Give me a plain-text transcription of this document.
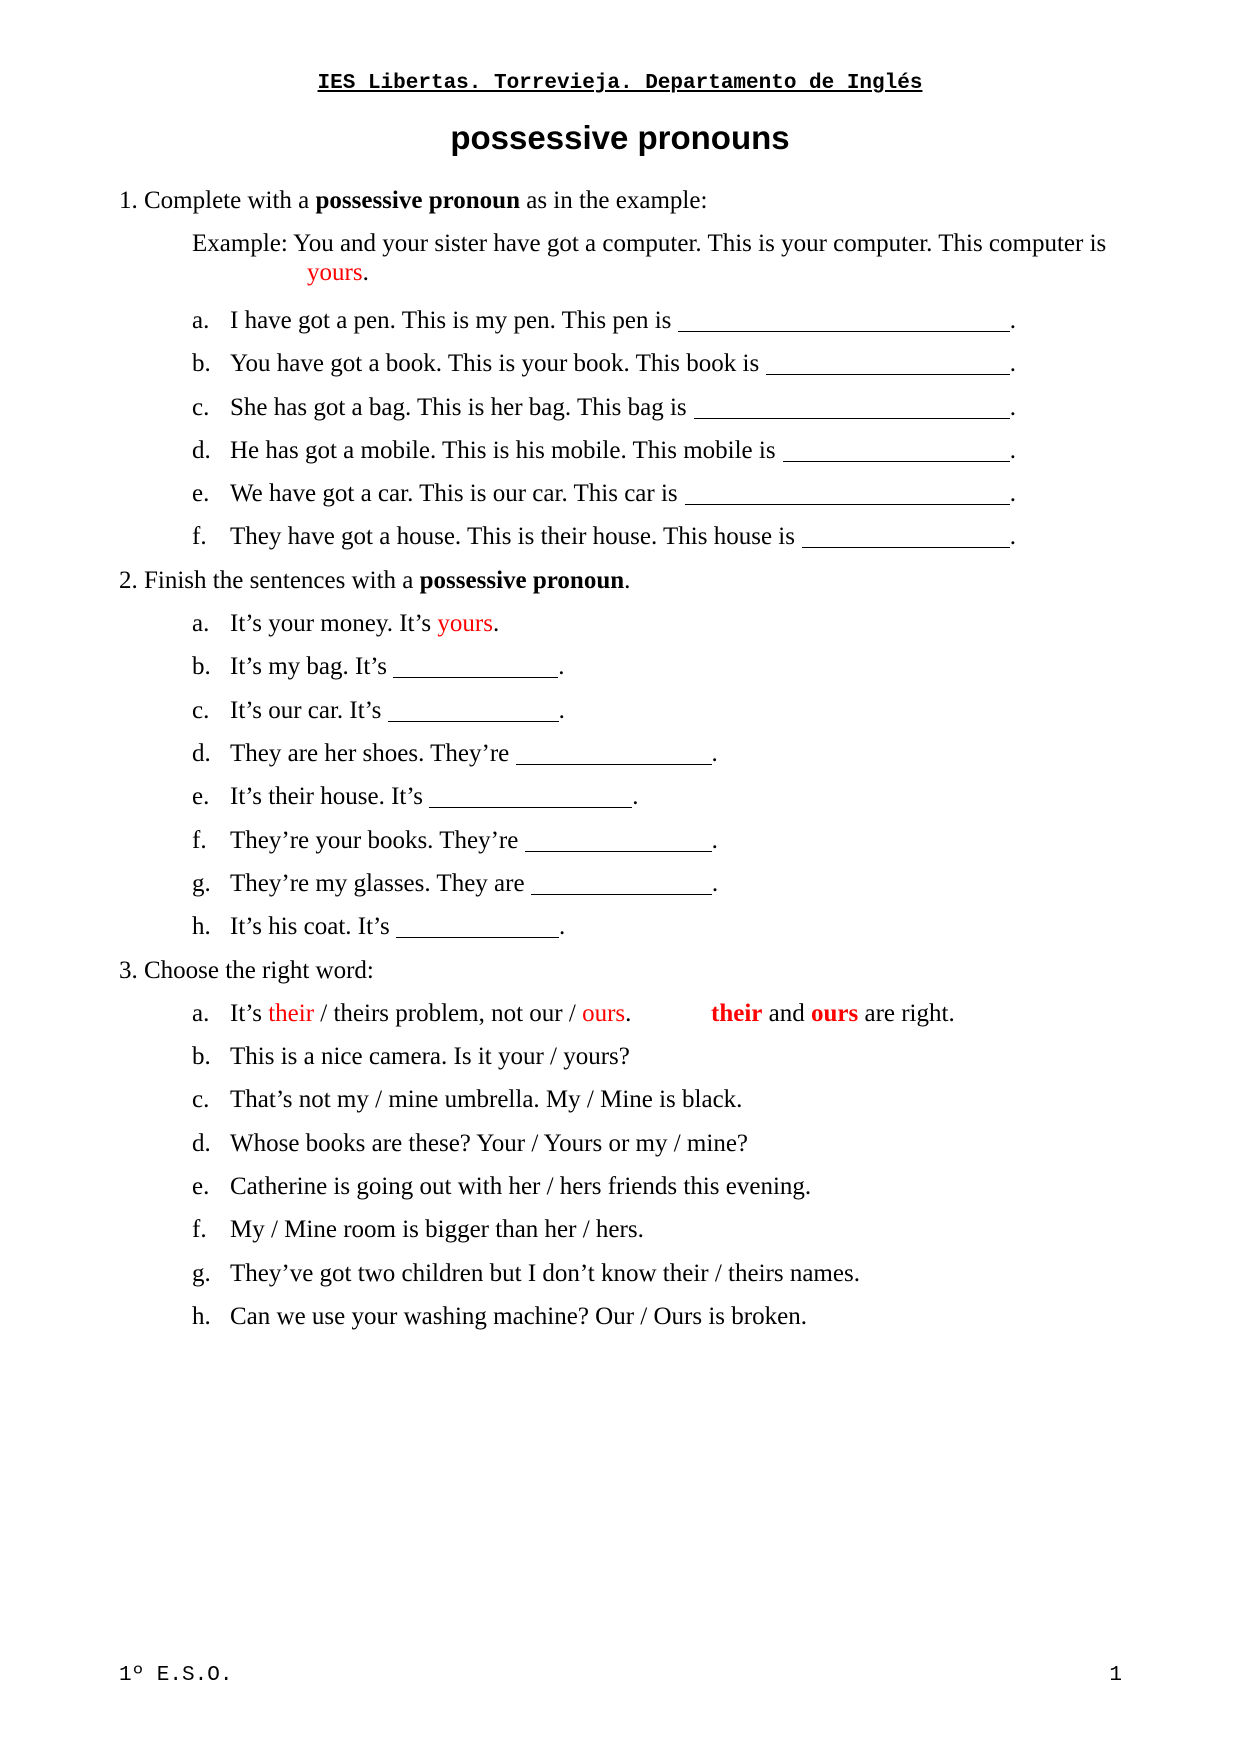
IES Libertas. Torrevieja. Departamento de Inglés
possessive pronouns
1. Complete with a possessive pronoun as in the example:
Example: You and your sister have got a computer. This is your computer. This computer is
yours.
a. I have got a pen. This is my pen. This pen is	.
b. You have got a book. This is your book. This book is	.
c. She has got a bag. This is her bag. This bag is	.
d. He has got a mobile. This is his mobile. This mobile is	.
e. We have got a car. This is our car. This car is	.
f. They have got a house. This is their house. This house is	.
2. Finish the sentences with a possessive pronoun.
a. It’s your money. It’s yours.
b. It’s my bag. It’s	.
c. It’s our car. It’s	.
d. They are her shoes. They’re	.
e. It’s their house. It’s	.
f. They’re your books. They’re	.
g. They’re my glasses. They are	.
h. It’s his coat. It’s	.
3. Choose the right word:
a. It’s their / theirs problem, not our / ours.	their and ours are right.
b. This is a nice camera. Is it your / yours?
c. That’s not my / mine umbrella. My / Mine is black.
d. Whose books are these? Your / Yours or my / mine?
e. Catherine is going out with her / hers friends this evening.
f. My / Mine room is bigger than her / hers.
g. They’ve got two children but I don’t know their / theirs names.
h. Can we use your washing machine? Our / Ours is broken.
1º E.S.O.	1
